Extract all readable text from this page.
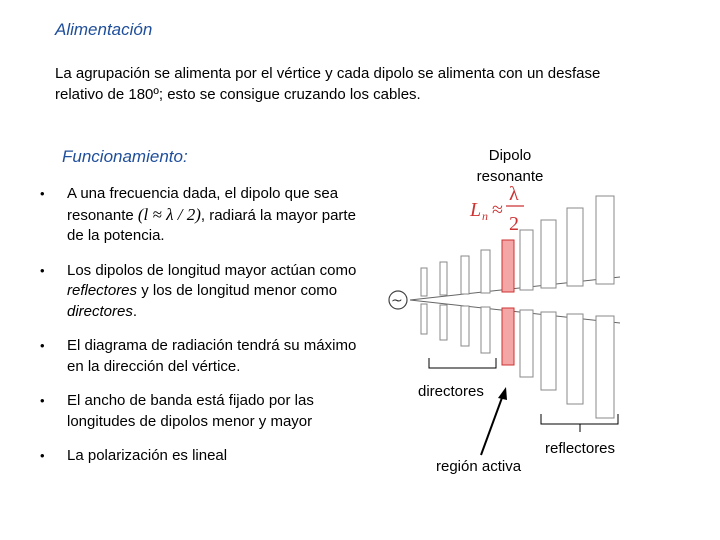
Alimentación
La agrupación se alimenta por el vértice y cada dipolo se alimenta con un desfase
relativo de 180º; esto se consigue cruzando los cables.
Funcionamiento:
• A una frecuencia dada, el dipolo que sea resonante (l ≈ λ / 2), radiará la mayor parte de la potencia.
• Los dipolos de longitud mayor actúan como reflectores y los de longitud menor como directores.
• El diagrama de radiación tendrá su máximo en la dirección del vértice.
• El ancho de banda está fijado por las longitudes de dipolos menor y mayor
• La polarización es lineal
Dipolo
resonante
directores
región activa
reflectores
L n ≈
λ
2
~
